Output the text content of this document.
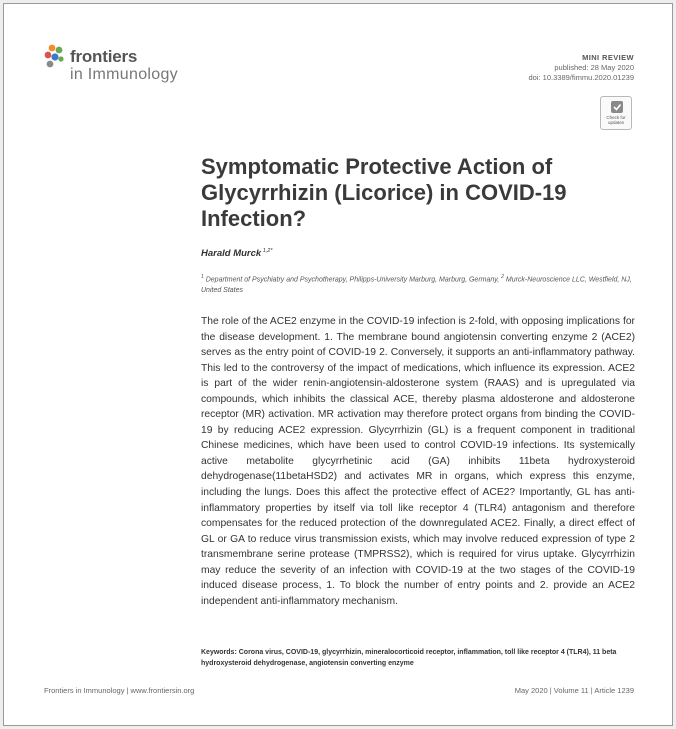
frontiers
in Immunology
MINI REVIEW
published: 28 May 2020
doi: 10.3389/fimmu.2020.01239
Check for
updates
Symptomatic Protective Action of Glycyrrhizin (Licorice) in COVID-19 Infection?
Harald Murck $^{1,2*}$
$^1$ Department of Psychiatry and Psychotherapy, Philipps-University Marburg, Marburg, Germany, $^2$ Murck-Neuroscience LLC, Westfield, NJ, United States

The role of the ACE2 enzyme in the COVID-19 infection is 2-fold, with opposing implications for the disease development. 1. The membrane bound angiotensin converting enzyme 2 (ACE2) serves as the entry point of COVID-19 2. Conversely, it supports an anti-inflammatory pathway. This led to the controversy of the impact of medications, which influence its expression. ACE2 is part of the wider renin-angiotensin-aldosterone system (RAAS) and is upregulated via compounds, which inhibits the classical ACE, thereby plasma aldosterone and aldosterone receptor (MR) activation. MR activation may therefore protect organs from binding the COVID-19 by reducing ACE2 expression. Glycyrrhizin (GL) is a frequent component in traditional Chinese medicines, which have been used to control COVID-19 infections. Its systemically active metabolite glycyrrhetinic acid (GA) inhibits 11beta hydroxysteroid dehydrogenase(11betaHSD2) and activates MR in organs, which express this enzyme, including the lungs. Does this affect the protective effect of ACE2? Importantly, GL has anti-inflammatory properties by itself via toll like receptor 4 (TLR4) antagonism and therefore compensates for the reduced protection of the downregulated ACE2. Finally, a direct effect of GL or GA to reduce virus transmission exists, which may involve reduced expression of type 2 transmembrane serine protease (TMPRSS2), which is required for virus uptake. Glycyrrhizin may reduce the severity of an infection with COVID-19 at the two stages of the COVID-19 induced disease process, 1. To block the number of entry points and 2. provide an ACE2 independent anti-inflammatory mechanism.

Keywords: Corona virus, COVID-19, glycyrrhizin, mineralocorticoid receptor, inflammation, toll like receptor 4 (TLR4), 11 beta hydroxysteroid dehydrogenase, angiotensin converting enzyme
Frontiers in Immunology | www.frontiersin.org	May 2020 | Volume 11 | Article 1239
